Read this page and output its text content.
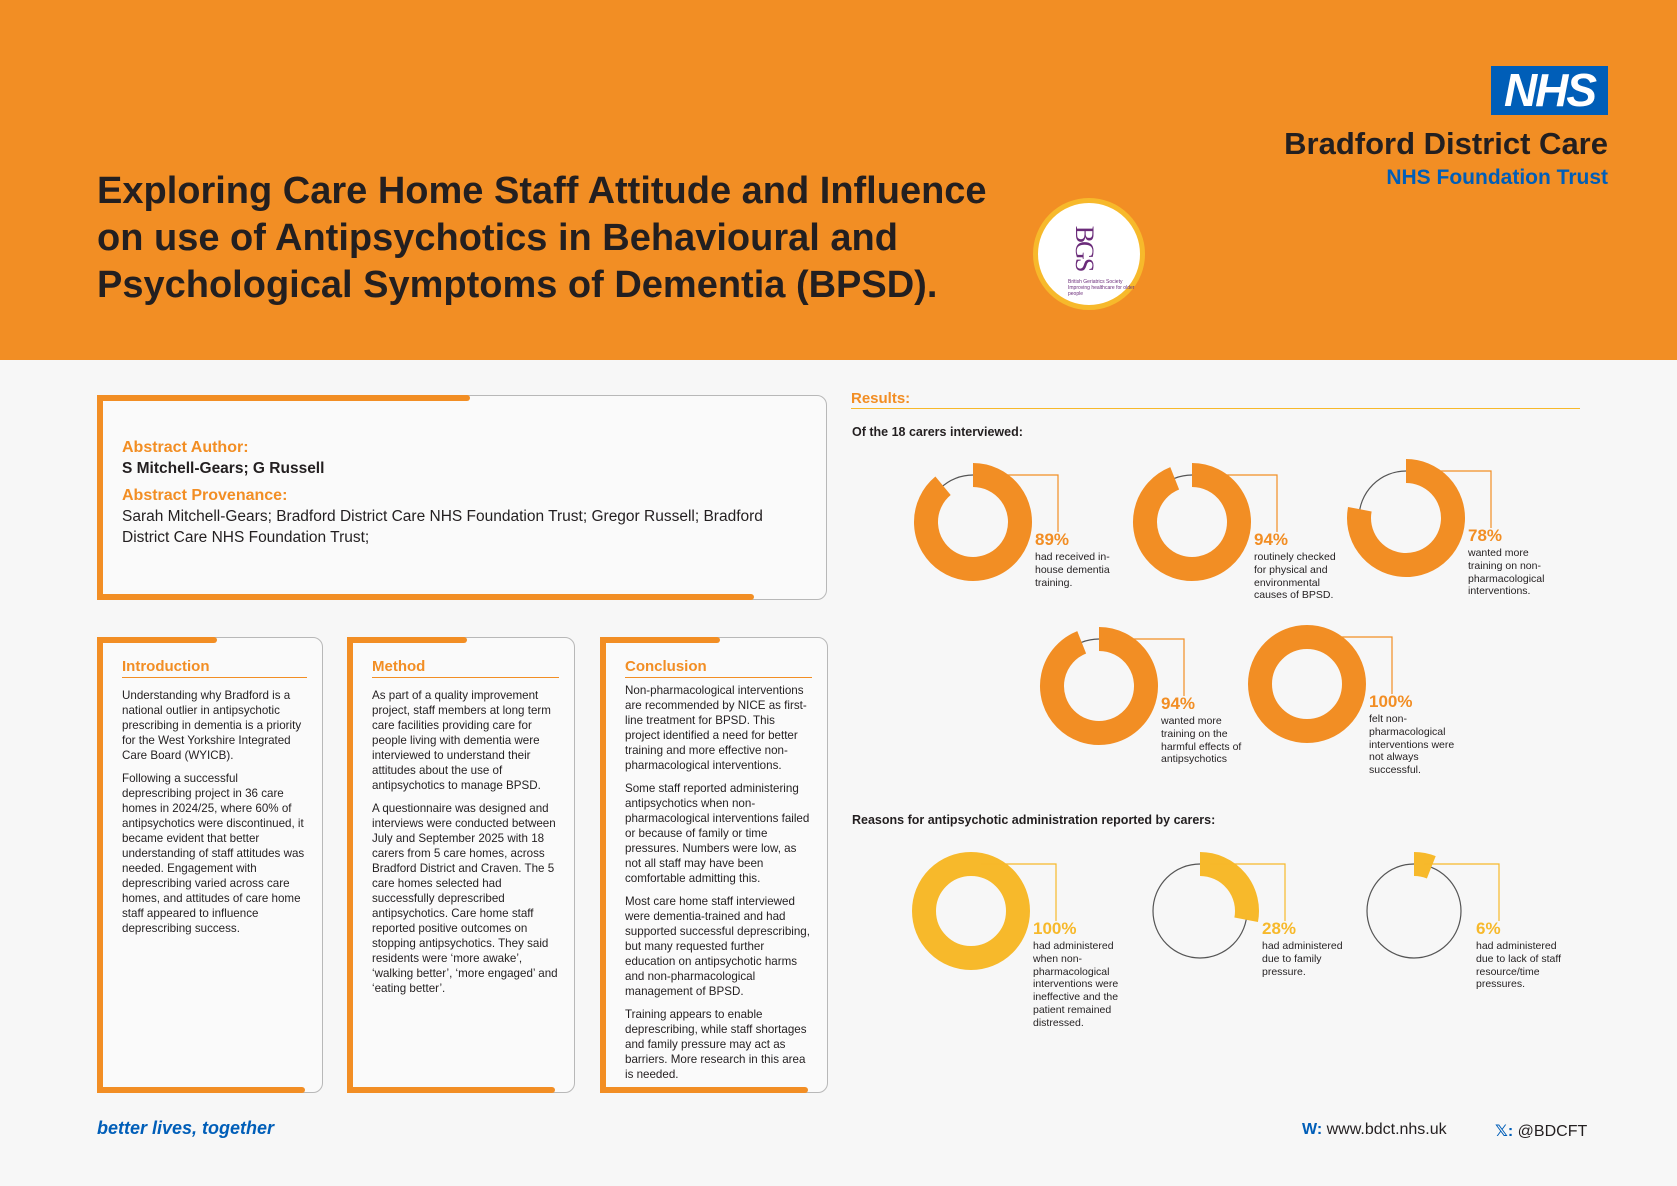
Exploring Care Home Staff Attitude and Influence on use of Antipsychotics in Behavioural and Psychological Symptoms of Dementia (BPSD).
BGS
British Geriatrics Society
Improving healthcare for older people
NHS
Bradford District Care
NHS Foundation Trust
Abstract Author:
S Mitchell-Gears; G Russell
Abstract Provenance:
Sarah Mitchell-Gears; Bradford District Care NHS Foundation Trust; Gregor Russell; Bradford
District Care NHS Foundation Trust;
Introduction

Understanding why Bradford is a national outlier in antipsychotic prescribing in dementia is a priority for the West Yorkshire Integrated Care Board (WYICB).

Following a successful deprescribing project in 36 care homes in 2024/25, where 60% of antipsychotics were discontinued, it became evident that better understanding of staff attitudes was needed. Engagement with deprescribing varied across care homes, and attitudes of care home staff appeared to influence deprescribing success.

Method

As part of a quality improvement project, staff members at long term care facilities providing care for people living with dementia were interviewed to understand their attitudes about the use of antipsychotics to manage BPSD.

A questionnaire was designed and interviews were conducted between July and September 2025 with 18 carers from 5 care homes, across Bradford District and Craven. The 5 care homes selected had successfully deprescribed antipsychotics. Care home staff reported positive outcomes on stopping antipsychotics. They said residents were ‘more awake’, ‘walking better’, ‘more engaged’ and ‘eating better’.

Conclusion

Non-pharmacological interventions are recommended by NICE as first-line treatment for BPSD. This project identified a need for better training and more effective non-pharmacological interventions.

Some staff reported administering antipsychotics when non-pharmacological interventions failed or because of family or time pressures. Numbers were low, as not all staff may have been comfortable admitting this.

Most care home staff interviewed were dementia-trained and had supported successful deprescribing, but many requested further education on antipsychotic harms and non-pharmacological management of BPSD.

Training appears to enable deprescribing, while staff shortages and family pressure may act as barriers. More research in this area is needed.

Results:
Of the 18 carers interviewed:
Reasons for antipsychotic administration reported by carers:
89%
had received in-house dementia training.
94%
routinely checked for physical and environmental causes of BPSD.
78%
wanted more training on non-pharmacological interventions.
94%
wanted more training on the harmful effects of antipsychotics
100%
felt non-pharmacological interventions were not always successful.
100%
had administered when non-pharmacological interventions were ineffective and the patient remained distressed.
28%
had administered due to family pressure.
6%
had administered due to lack of staff resource/time pressures.
better lives, together	W: www.bdct.nhs.uk	𝕏: @BDCFT
